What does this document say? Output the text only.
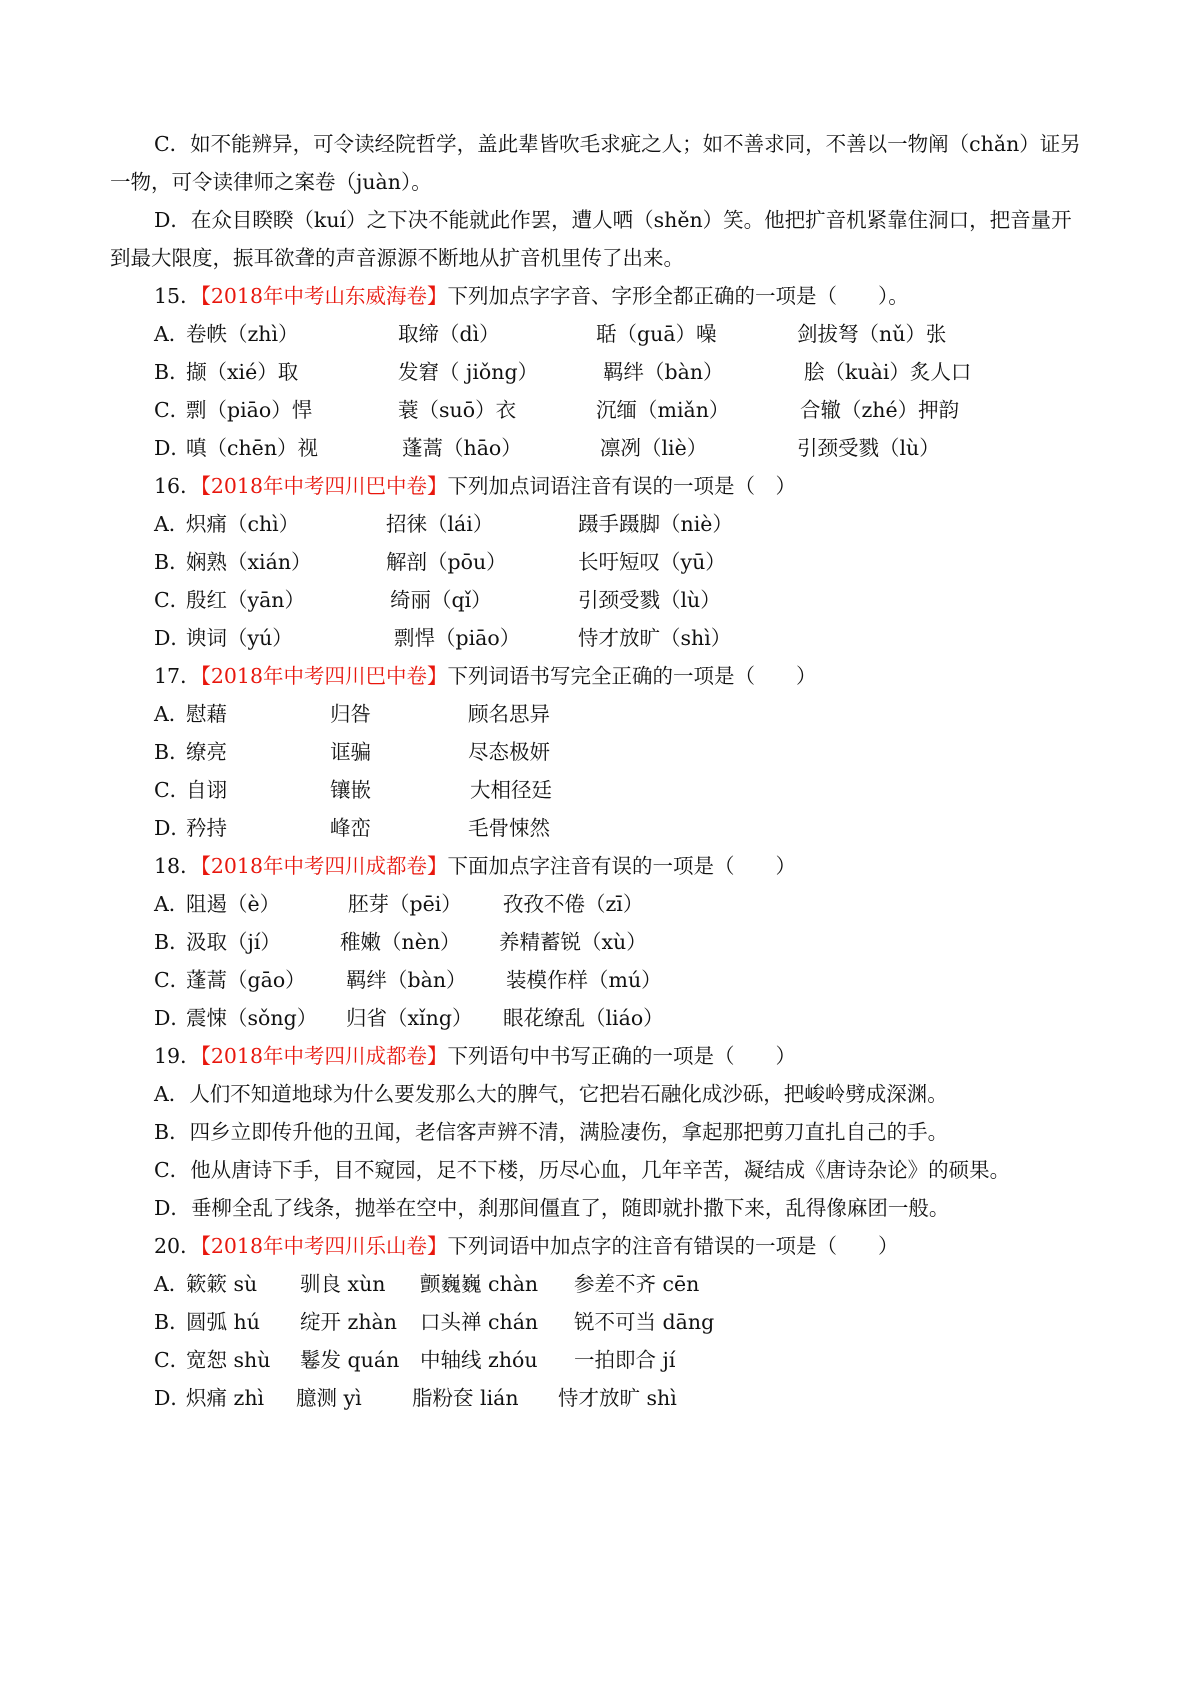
C．如不能辨异，可令读经院哲学，盖此辈皆吹毛求疵之人；如不善求同，不善以一物阐（chǎn）证另
一物，可令读律师之案卷（juàn）。
D．在众目睽睽（kuí）之下决不能就此作罢，遭人哂（shěn）笑。他把扩音机紧靠住洞口，把音量开
到最大限度，振耳欲聋的声音源源不断地从扩音机里传了出来。
15．【2018年中考山东威海卷】下列加点字字音、字形全都正确的一项是（　　）。
A．
卷帙（zhì）	取缔（dì）	聒（guā）噪	剑拔弩（nǔ）张
B．
撷（xié）取	发窘（ jiǒng）	羁绊（bàn）	脍（kuài）炙人口
C．
剽（piāo）悍	蓑（suō）衣	沉缅（miǎn）	合辙（zhé）押韵
D．
嗔（chēn）视	蓬蒿（hāo）	凛冽（liè）	引颈受戮（lù）
16．【2018年中考四川巴中卷】下列加点词语注音有误的一项是（　）
A．
炽痛（chì）	招徕（lái）	蹑手蹑脚（niè）
B．
娴熟（xián）	解剖（pōu）	长吁短叹（yū）
C．
殷红（yān）	绮丽（qǐ）	引颈受戮（lù）
D．
谀词（yú）	剽悍（piāo）	恃才放旷（shì）
17．【2018年中考四川巴中卷】下列词语书写完全正确的一项是（　　）
A．
慰藉	归咎	顾名思异
B．
缭亮	诓骗	尽态极妍
C．
自诩	镶嵌	大相径廷
D．
矜持	峰峦	毛骨悚然
18．【2018年中考四川成都卷】下面加点字注音有误的一项是（　　）
A．
阻遏（è）	胚芽（pēi） 孜孜不倦（zī）
B．
汲取（jí）	稚嫩（nèn） 养精蓄锐（xù）
C．
蓬蒿（gāo） 羁绊（bàn） 装模作样（mú）
D．
震悚（sǒng） 归省（xǐng） 眼花缭乱（liáo）
19．【2018年中考四川成都卷】下列语句中书写正确的一项是（　　）
A．人们不知道地球为什么要发那么大的脾气，它把岩石融化成沙砾，把峻岭劈成深渊。
B．四乡立即传升他的丑闻，老信客声辨不清，满脸凄伤，拿起那把剪刀直扎自己的手。
C．他从唐诗下手，目不窥园，足不下楼，历尽心血，几年辛苦，凝结成《唐诗杂论》的硕果。
D．垂柳全乱了线条，抛举在空中，刹那间僵直了，随即就扑撒下来，乱得像麻团一般。
20．【2018年中考四川乐山卷】下列词语中加点字的注音有错误的一项是（　　）
A．
簌簌 sù 驯良 xùn 颤巍巍 chàn 参差不齐 cēn
B．
圆弧 hú 绽开 zhàn 口头禅 chán 锐不可当 dāng
C．
宽恕 shù 鬈发 quán 中轴线 zhóu 一拍即合 jí
D．
炽痛 zhì 臆测 yì 脂粉奁 lián 恃才放旷 shì
